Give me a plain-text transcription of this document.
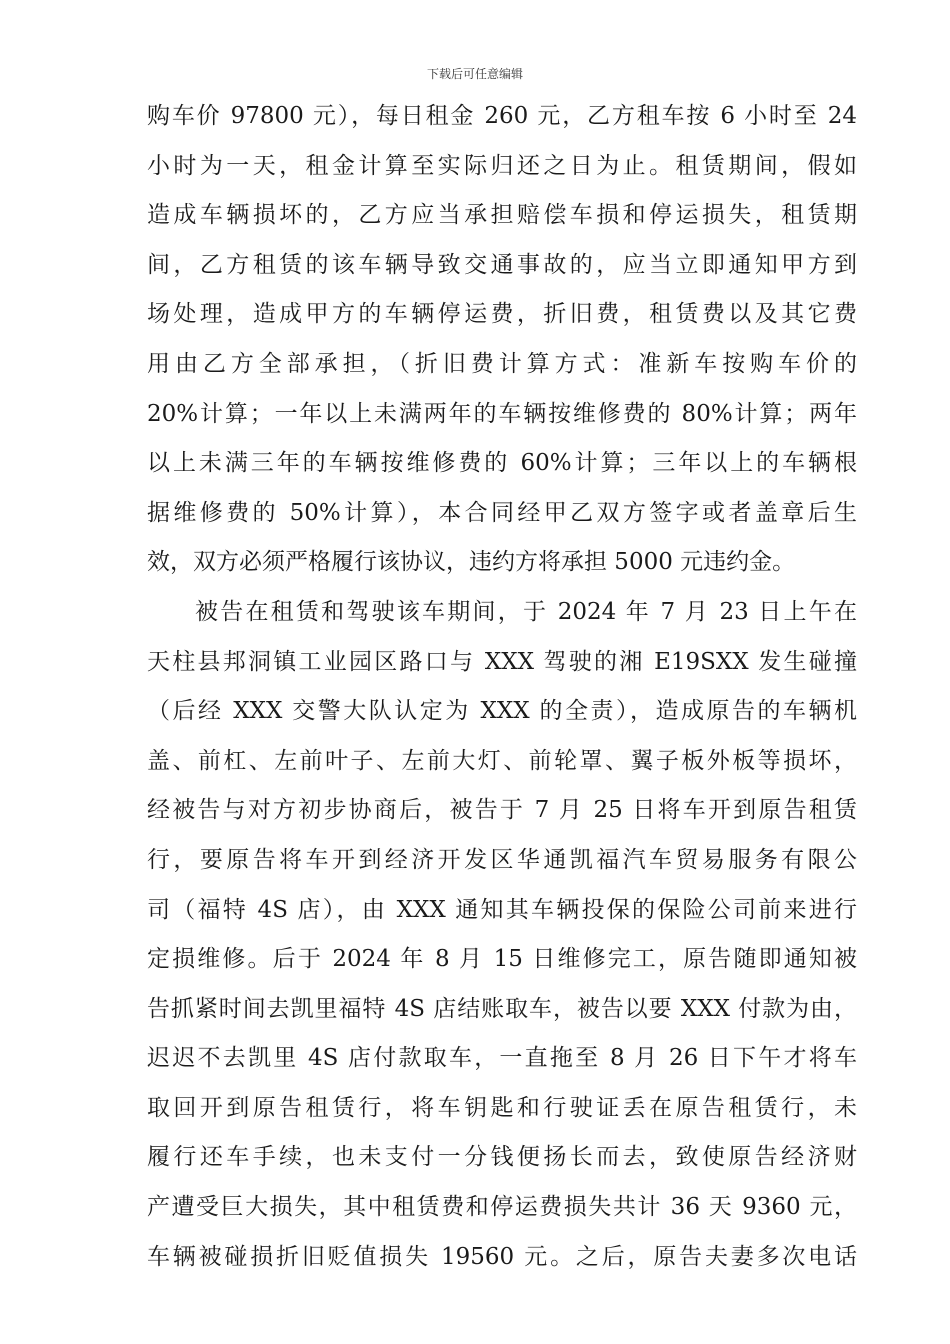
下载后可任意编辑
购车价 97800 元），每日租金 260 元，乙方租车按 6 小时至 24
小时为一天，租金计算至实际归还之日为止。租赁期间，假如
造成车辆损坏的，乙方应当承担赔偿车损和停运损失，租赁期
间，乙方租赁的该车辆导致交通事故的，应当立即通知甲方到
场处理，造成甲方的车辆停运费，折旧费，租赁费以及其它费
用由乙方全部承担，（折旧费计算方式：准新车按购车价的
20%计算；一年以上未满两年的车辆按维修费的 80%计算；两年
以上未满三年的车辆按维修费的 60%计算；三年以上的车辆根
据维修费的 50%计算），本合同经甲乙双方签字或者盖章后生
效，双方必须严格履行该协议，违约方将承担 5000 元违约金。
被告在租赁和驾驶该车期间，于 2024 年 7 月 23 日上午在
天柱县邦洞镇工业园区路口与 XXX 驾驶的湘 E19SXX 发生碰撞
（后经 XXX 交警大队认定为 XXX 的全责），造成原告的车辆机
盖、前杠、左前叶子、左前大灯、前轮罩、翼子板外板等损坏，
经被告与对方初步协商后，被告于 7 月 25 日将车开到原告租赁
行，要原告将车开到经济开发区华通凯福汽车贸易服务有限公
司（福特 4S 店），由 XXX 通知其车辆投保的保险公司前来进行
定损维修。后于 2024 年 8 月 15 日维修完工，原告随即通知被
告抓紧时间去凯里福特 4S 店结账取车，被告以要 XXX 付款为由，
迟迟不去凯里 4S 店付款取车，一直拖至 8 月 26 日下午才将车
取回开到原告租赁行，将车钥匙和行驶证丢在原告租赁行，未
履行还车手续，也未支付一分钱便扬长而去，致使原告经济财
产遭受巨大损失，其中租赁费和停运费损失共计 36 天 9360 元，
车辆被碰损折旧贬值损失 19560 元。之后，原告夫妻多次电话
